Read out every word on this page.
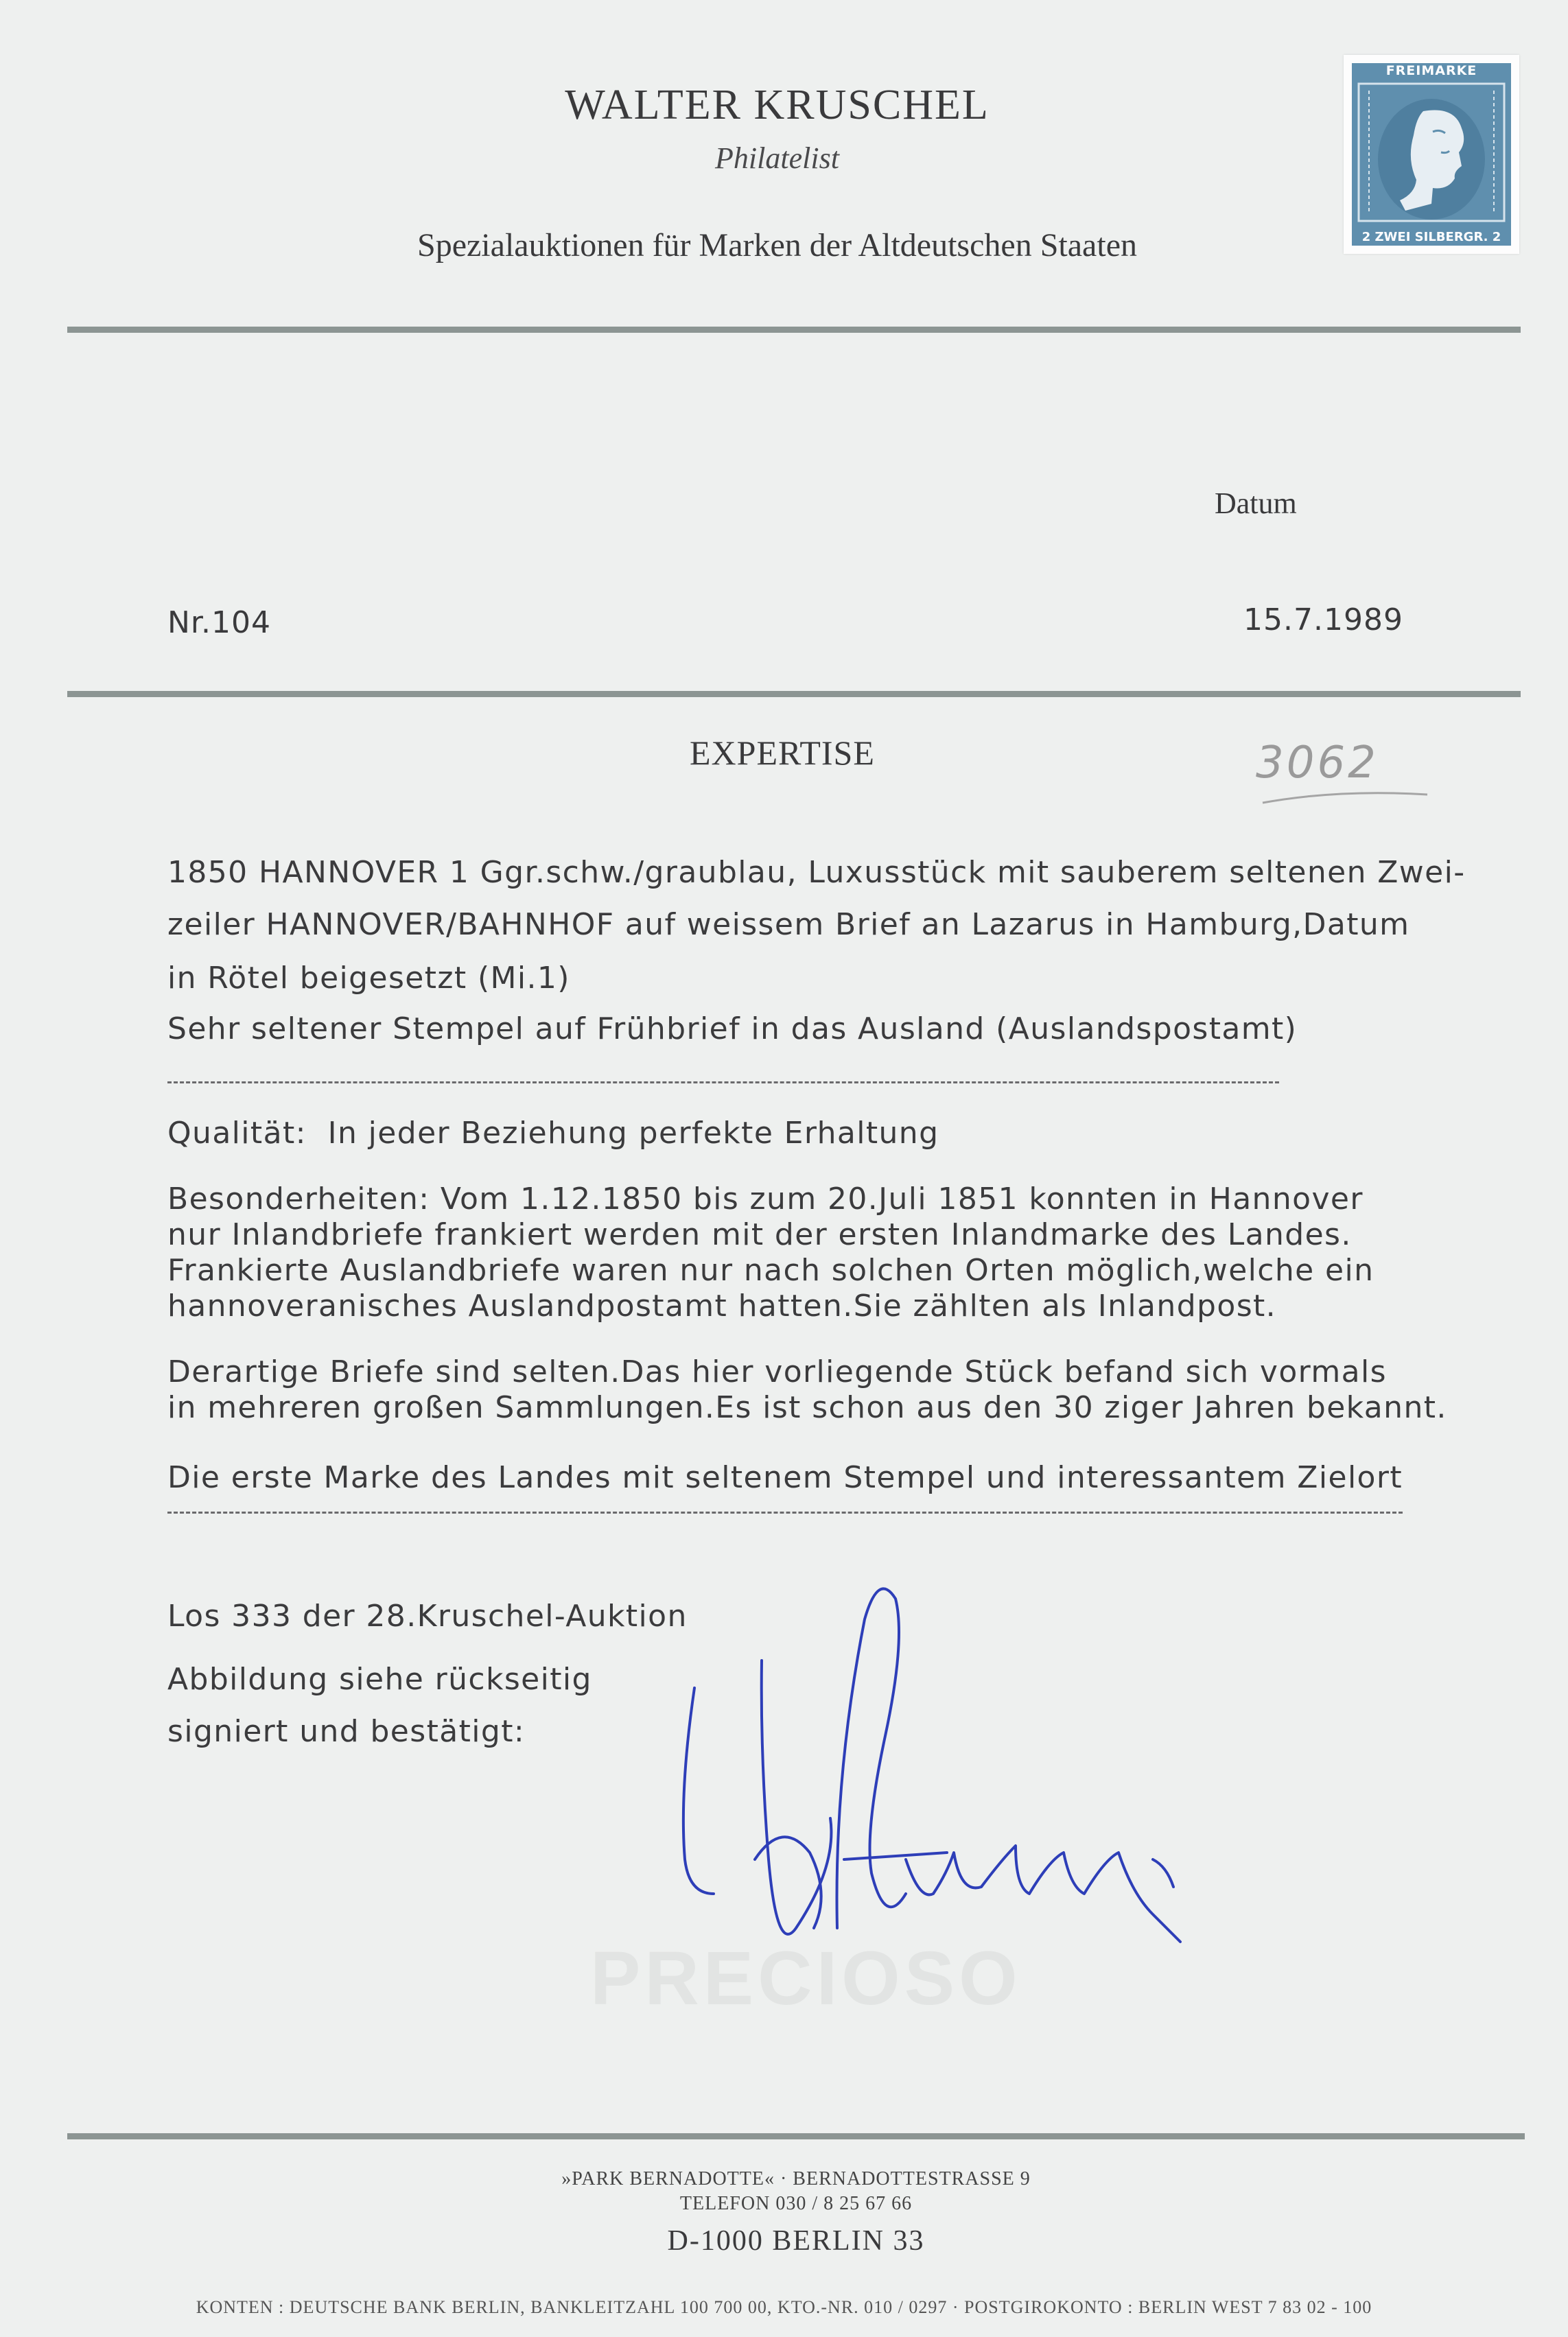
WALTER KRUSCHEL
Philatelist
Spezialauktionen für Marken der Altdeutschen Staaten
FREIMARKE
2 ZWEI SILBERGR. 2
Datum
Nr.104	15.7.1989
EXPERTISE	3062
1850 HANNOVER 1 Ggr.schw./graublau, Luxusstück mit sauberem seltenen Zwei-
zeiler HANNOVER/BAHNHOF auf weissem Brief an Lazarus in Hamburg,Datum
in Rötel beigesetzt (Mi.1)
Sehr seltener Stempel auf Frühbrief in das Ausland (Auslandspostamt)
Qualität:  In jeder Beziehung perfekte Erhaltung
Besonderheiten: Vom 1.12.1850 bis zum 20.Juli 1851 konnten in Hannover
nur Inlandbriefe frankiert werden mit der ersten Inlandmarke des Landes.
Frankierte Auslandbriefe waren nur nach solchen Orten möglich,welche ein
hannoveranisches Auslandpostamt hatten.Sie zählten als Inlandpost.
Derartige Briefe sind selten.Das hier vorliegende Stück befand sich vormals
in mehreren großen Sammlungen.Es ist schon aus den 30 ziger Jahren bekannt.
Die erste Marke des Landes mit seltenem Stempel und interessantem Zielort
Los 333 der 28.Kruschel-Auktion
Abbildung siehe rückseitig
signiert und bestätigt:
PRECIOSO
»PARK BERNADOTTE« · BERNADOTTESTRASSE 9
TELEFON 030 / 8 25 67 66
D-1000 BERLIN 33
KONTEN : DEUTSCHE BANK BERLIN, BANKLEITZAHL 100 700 00, KTO.-NR. 010 / 0297 · POSTGIROKONTO : BERLIN WEST 7 83 02 - 100
